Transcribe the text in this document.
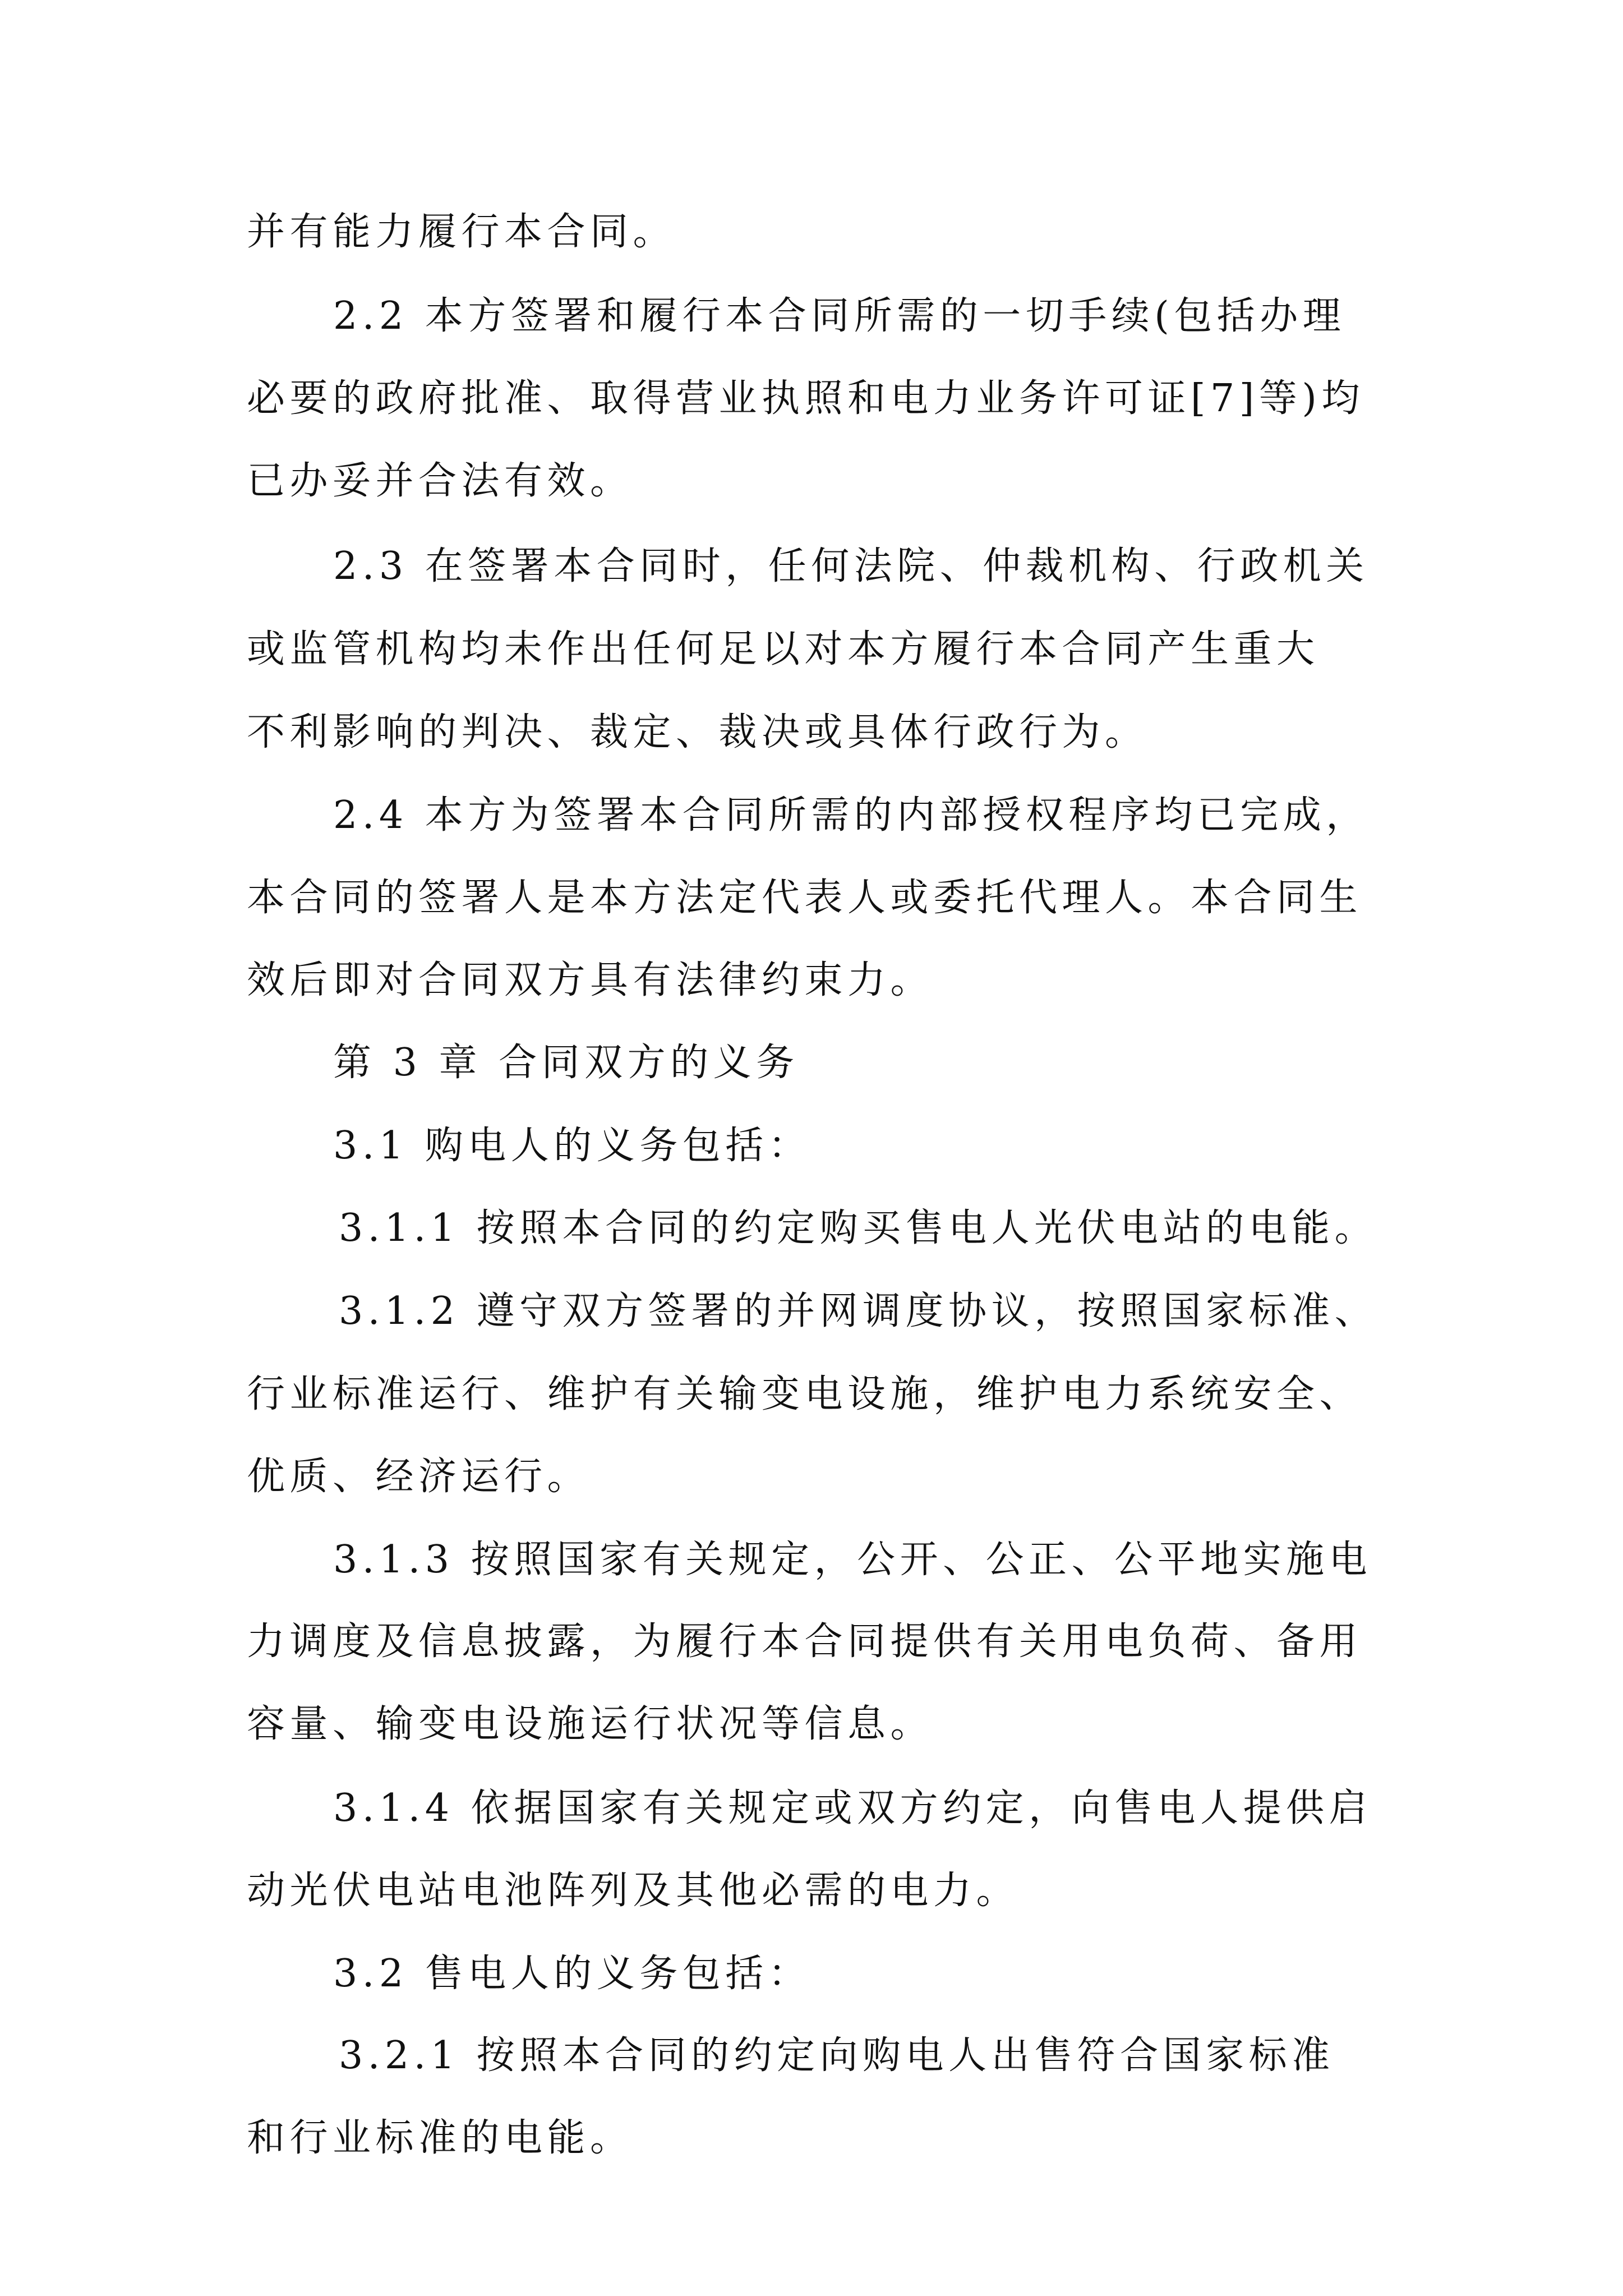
并有能力履行本合同。

2.2 本方签署和履行本合同所需的一切手续(包括办理

必要的政府批准、取得营业执照和电力业务许可证[7]等)均

已办妥并合法有效。

2.3 在签署本合同时，任何法院、仲裁机构、行政机关

或监管机构均未作出任何足以对本方履行本合同产生重大

不利影响的判决、裁定、裁决或具体行政行为。

2.4 本方为签署本合同所需的内部授权程序均已完成，

本合同的签署人是本方法定代表人或委托代理人。本合同生

效后即对合同双方具有法律约束力。

第 3 章 合同双方的义务

3.1 购电人的义务包括：

3.1.1 按照本合同的约定购买售电人光伏电站的电能。

3.1.2 遵守双方签署的并网调度协议，按照国家标准、

行业标准运行、维护有关输变电设施，维护电力系统安全、

优质、经济运行。

3.1.3 按照国家有关规定，公开、公正、公平地实施电

力调度及信息披露，为履行本合同提供有关用电负荷、备用

容量、输变电设施运行状况等信息。

3.1.4 依据国家有关规定或双方约定，向售电人提供启

动光伏电站电池阵列及其他必需的电力。

3.2 售电人的义务包括：

3.2.1 按照本合同的约定向购电人出售符合国家标准

和行业标准的电能。
